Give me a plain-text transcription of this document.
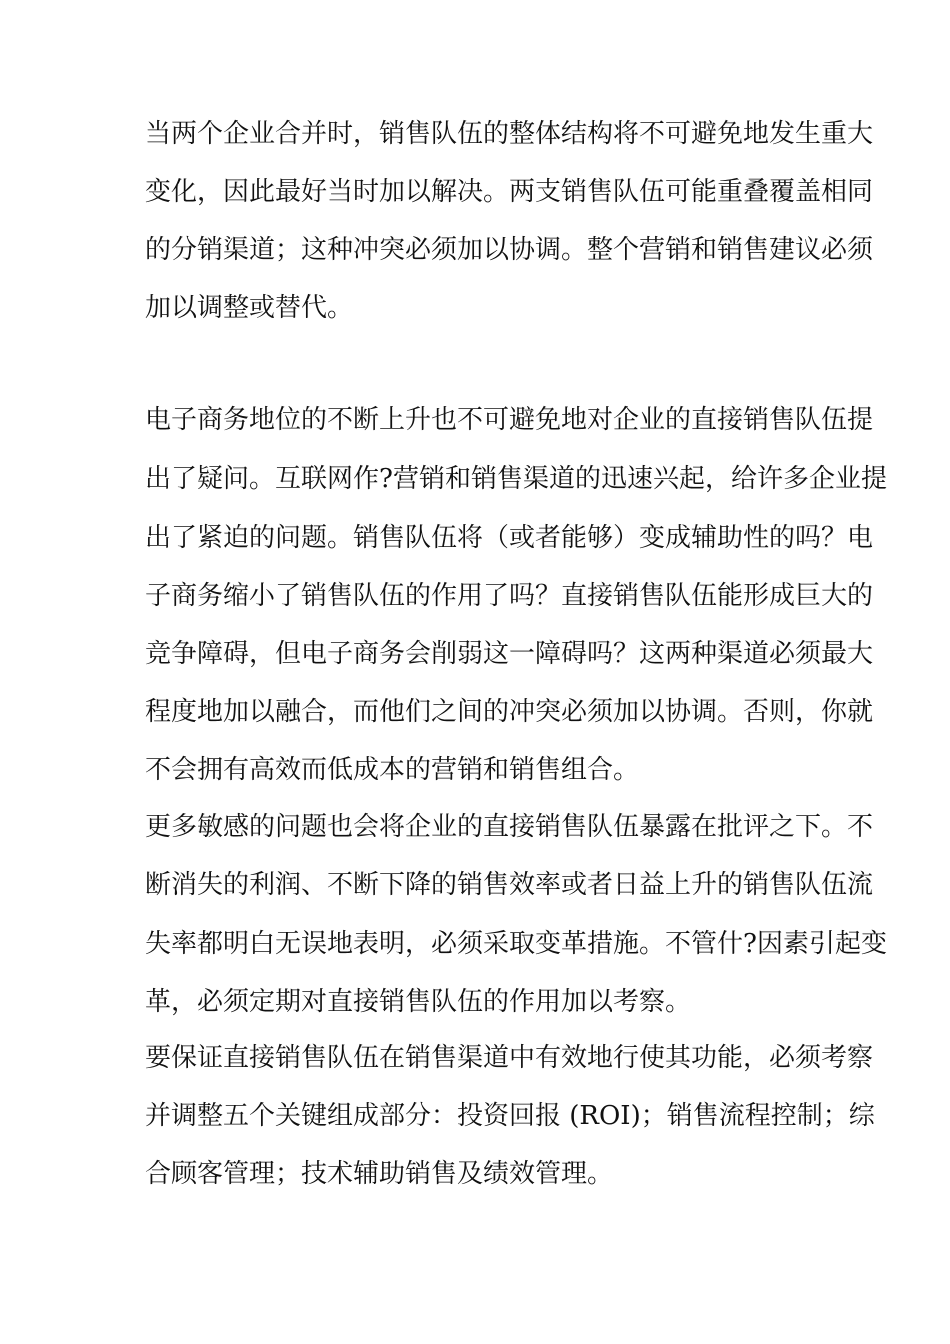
当两个企业合并时，销售队伍的整体结构将不可避免地发生重大

变化，因此最好当时加以解决。两支销售队伍可能重叠覆盖相同

的分销渠道；这种冲突必须加以协调。整个营销和销售建议必须

加以调整或替代。

电子商务地位的不断上升也不可避免地对企业的直接销售队伍提

出了疑问。互联网作?营销和销售渠道的迅速兴起，给许多企业提

出了紧迫的问题。销售队伍将（或者能够）变成辅助性的吗？电

子商务缩小了销售队伍的作用了吗？直接销售队伍能形成巨大的

竞争障碍，但电子商务会削弱这一障碍吗？这两种渠道必须最大

程度地加以融合，而他们之间的冲突必须加以协调。否则，你就

不会拥有高效而低成本的营销和销售组合。

更多敏感的问题也会将企业的直接销售队伍暴露在批评之下。不

断消失的利润、不断下降的销售效率或者日益上升的销售队伍流

失率都明白无误地表明，必须采取变革措施。不管什?因素引起变

革，必须定期对直接销售队伍的作用加以考察。

要保证直接销售队伍在销售渠道中有效地行使其功能，必须考察

并调整五个关键组成部分：投资回报 (ROI)；销售流程控制；综

合顾客管理；技术辅助销售及绩效管理。
